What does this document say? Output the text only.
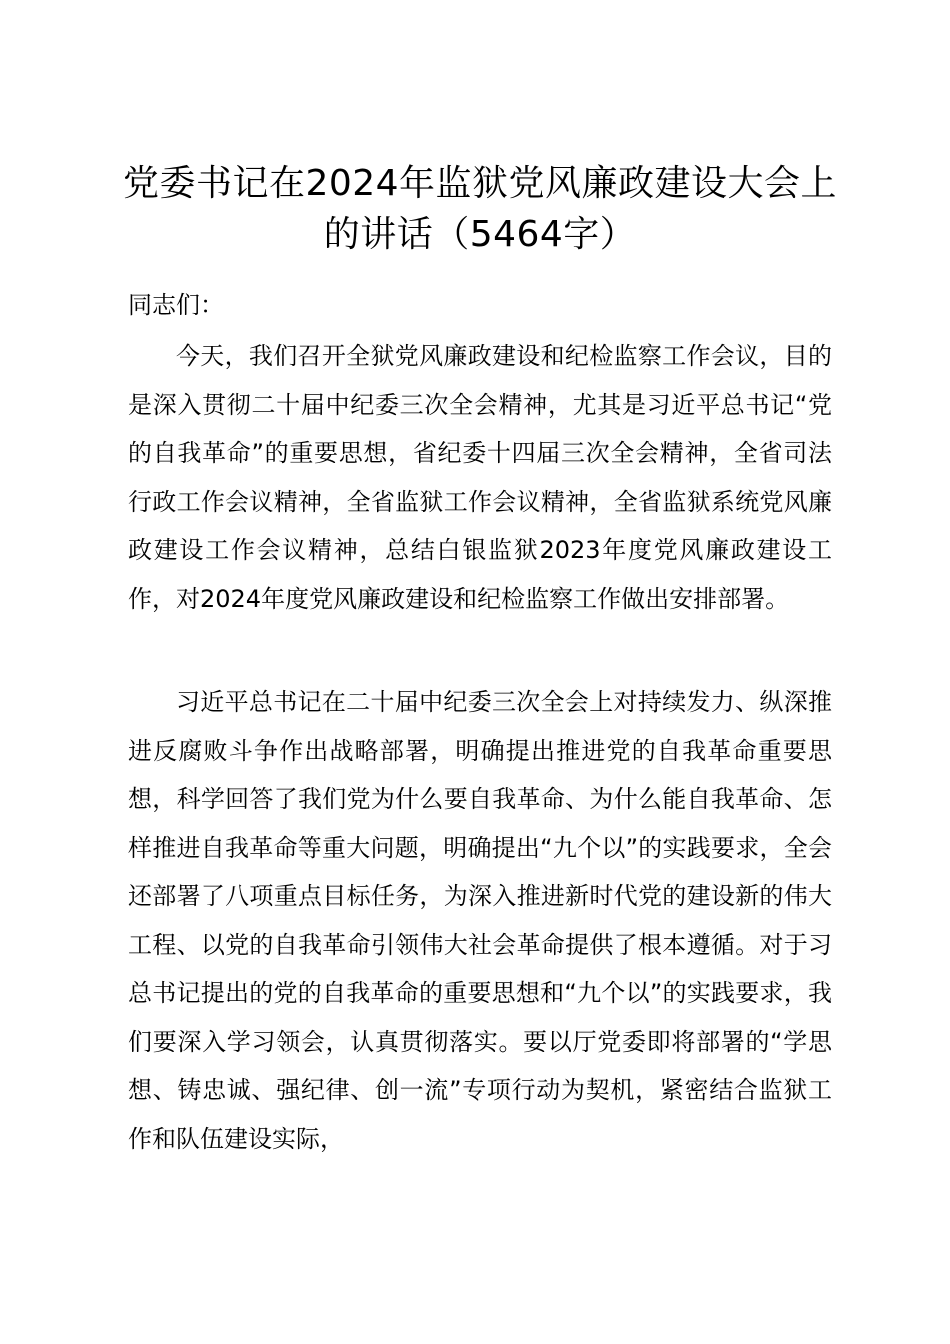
党委书记在2024年监狱党风廉政建设大会上
的讲话（5464字）

同志们：

今天，我们召开全狱党风廉政建设和纪检监察工作会议，目的是深入贯彻二十届中纪委三次全会精神，尤其是习近平总书记“党的自我革命”的重要思想，省纪委十四届三次全会精神，全省司法行政工作会议精神，全省监狱工作会议精神，全省监狱系统党风廉政建设工作会议精神，总结白银监狱2023年度党风廉政建设工作，对2024年度党风廉政建设和纪检监察工作做出安排部署。

习近平总书记在二十届中纪委三次全会上对持续发力、纵深推进反腐败斗争作出战略部署，明确提出推进党的自我革命重要思想，科学回答了我们党为什么要自我革命、为什么能自我革命、怎样推进自我革命等重大问题，明确提出“九个以”的实践要求，全会还部署了八项重点目标任务，为深入推进新时代党的建设新的伟大工程、以党的自我革命引领伟大社会革命提供了根本遵循。对于习总书记提出的党的自我革命的重要思想和“九个以”的实践要求，我们要深入学习领会，认真贯彻落实。要以厅党委即将部署的“学思想、铸忠诚、强纪律、创一流”专项行动为契机，紧密结合监狱工作和队伍建设实际，
